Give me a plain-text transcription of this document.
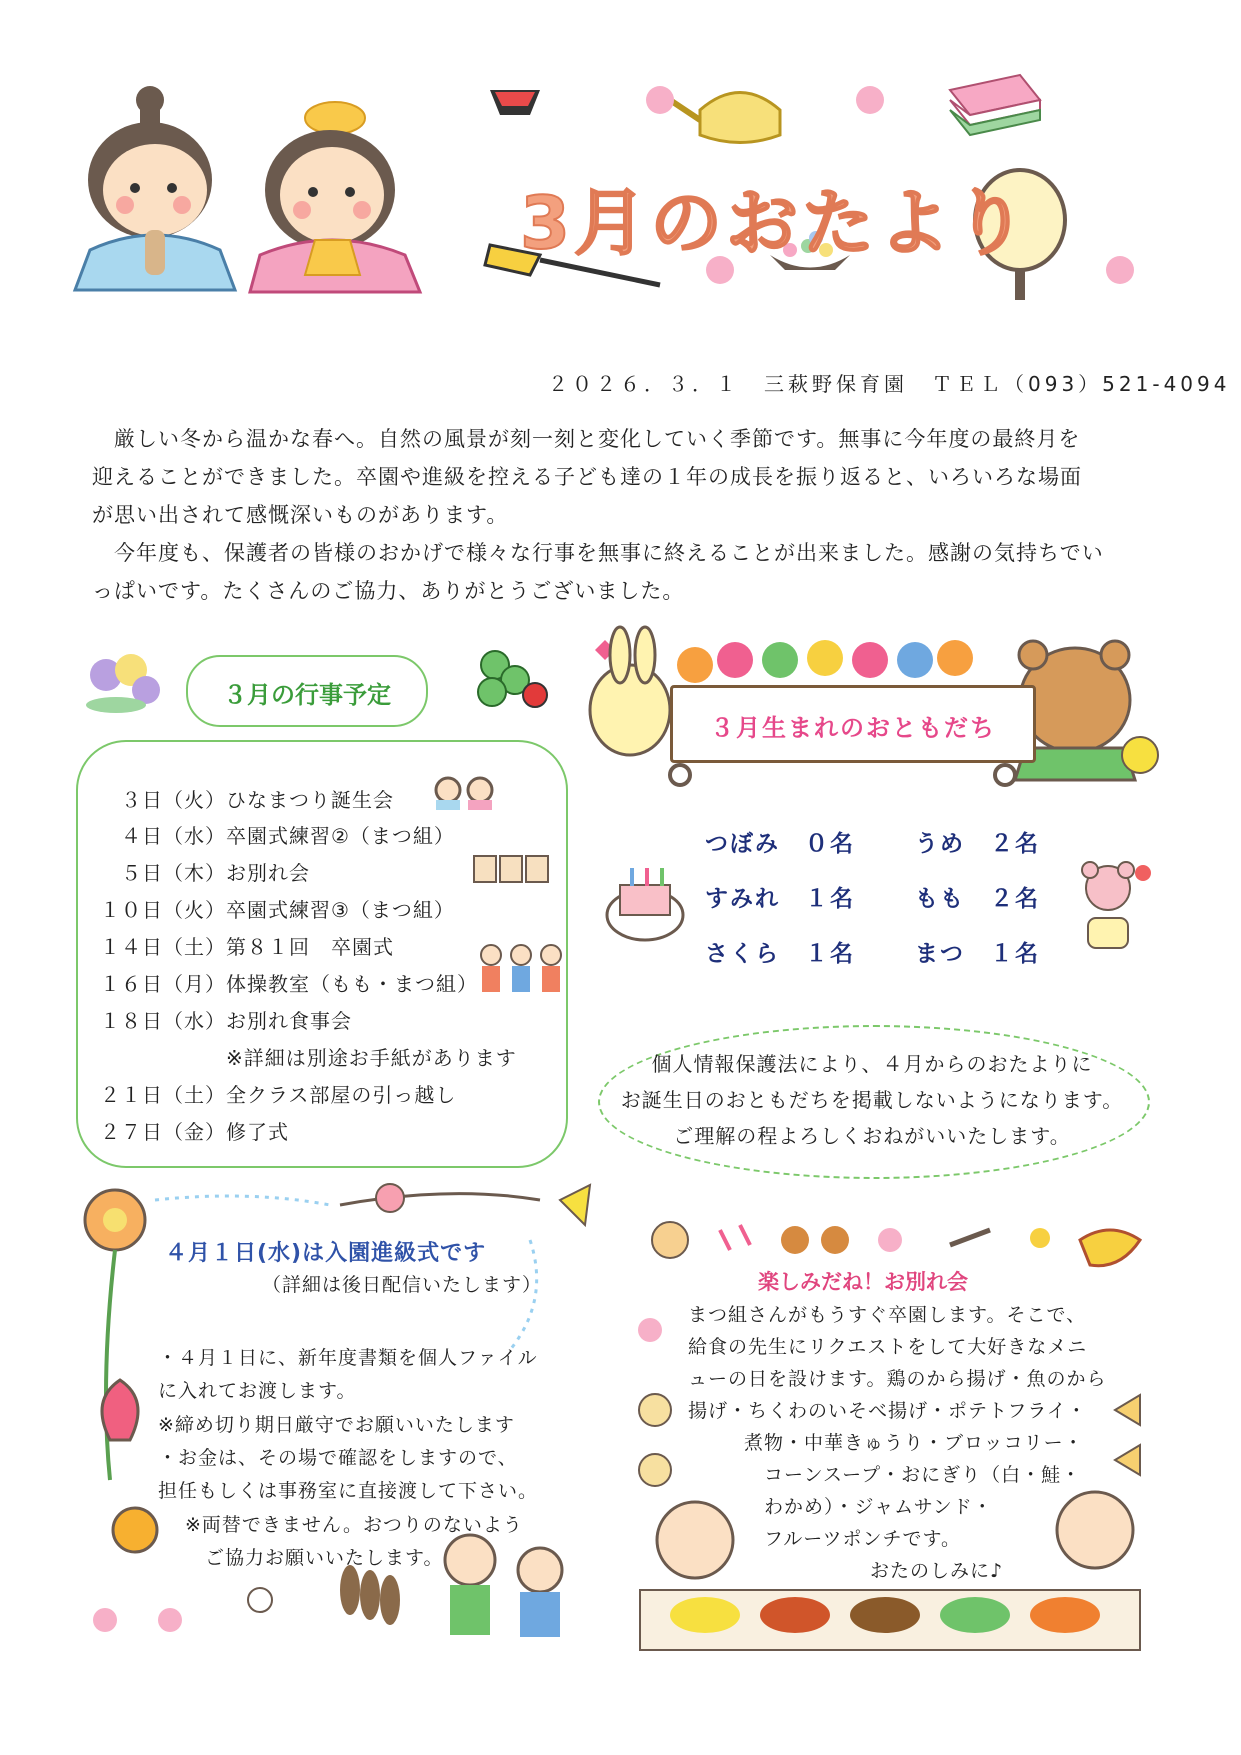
3月のおたより
２０２６．３．１　 三萩野保育園　 ＴＥＬ（093）521-4094
　厳しい冬から温かな春へ。自然の風景が刻一刻と変化していく季節です。無事に今年度の最終月を
迎えることができました。卒園や進級を控える子ども達の１年の成長を振り返ると、いろいろな場面
が思い出されて感慨深いものがあります。
　今年度も、保護者の皆様のおかげで様々な行事を無事に終えることが出来ました。感謝の気持ちでい
っぱいです。たくさんのご協力、ありがとうございました。
３月の行事予定
　３日（火）ひなまつり誕生会
　４日（水）卒園式練習②（まつ組）
　５日（木）お別れ会
１０日（火）卒園式練習③（まつ組）
１４日（土）第８１回　卒園式
１６日（月）体操教室（もも・まつ組）
１８日（水）お別れ食事会
　　　　　　※詳細は別途お手紙があります
２１日（土）全クラス部屋の引っ越し
２７日（金）修了式
３月生まれのおともだち
つぼみ　０名	うめ　２名
すみれ　１名	もも　２名
さくら　１名	まつ　１名
個人情報保護法により、４月からのおたよりに
お誕生日のおともだちを掲載しないようになります。
ご理解の程よろしくおねがいいたします。
４月１日(水)は入園進級式です
（詳細は後日配信いたします）
・４月１日に、新年度書類を個人ファイル
に入れてお渡します。
※締め切り期日厳守でお願いいたします
・お金は、その場で確認をしますので、
担任もしくは事務室に直接渡して下さい。
※両替できません。おつりのないよう
ご協力お願いいたします。
楽しみだね！お別れ会
まつ組さんがもうすぐ卒園します。そこで、
給食の先生にリクエストをして大好きなメニ
ューの日を設けます。鶏のから揚げ・魚のから
揚げ・ちくわのいそべ揚げ・ポテトフライ・
煮物・中華きゅうり・ブロッコリー・
コーンスープ・おにぎり（白・鮭・
わかめ）・ジャムサンド・
フルーツポンチです。
おたのしみに♪
